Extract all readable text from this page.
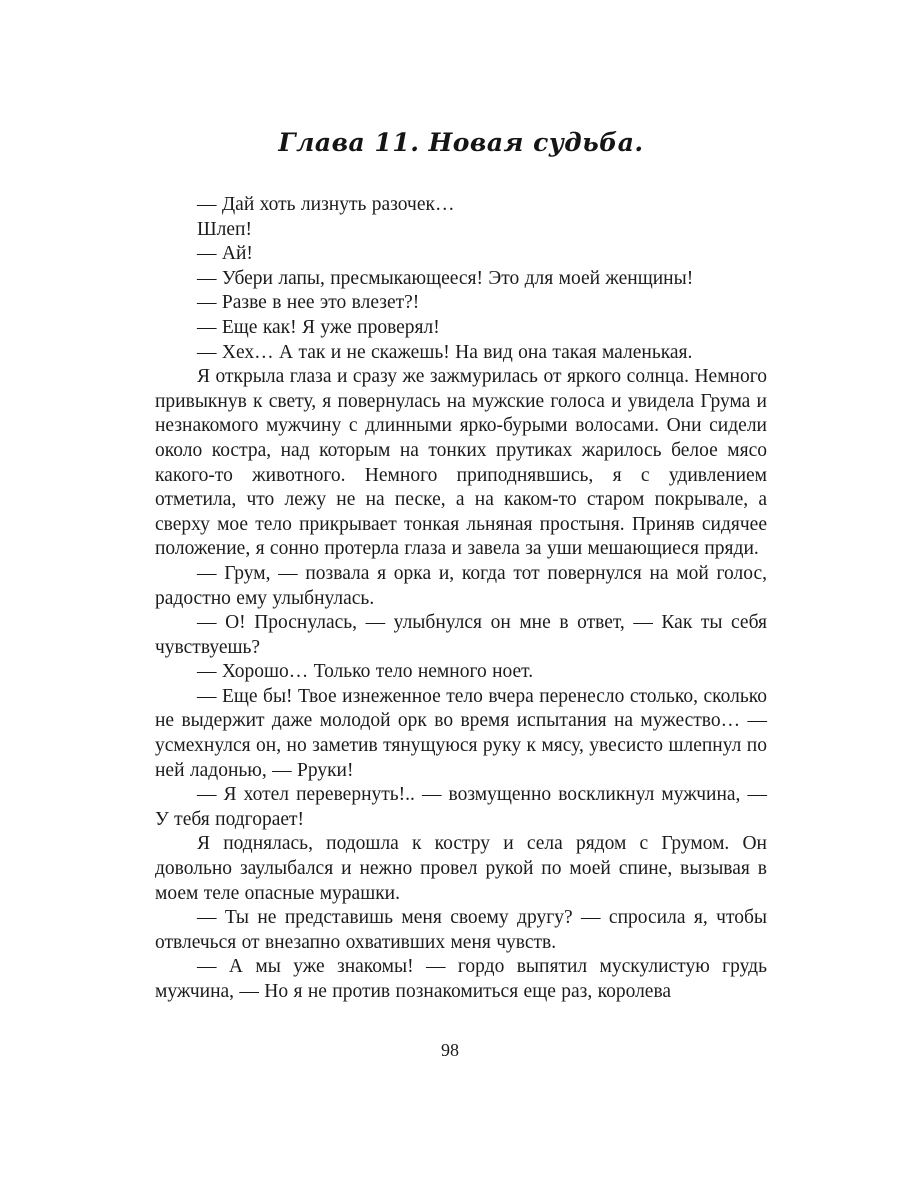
Глава 11. Новая судьба.

— Дай хоть лизнуть разочек…

Шлеп!

— Ай!

— Убери лапы, пресмыкающееся! Это для моей женщины!

— Разве в нее это влезет?!

— Еще как! Я уже проверял!

— Хех… А так и не скажешь! На вид она такая маленькая.

Я открыла глаза и сразу же зажмурилась от яркого солнца. Немного привыкнув к свету, я повернулась на мужские голоса и увидела Грума и незнакомого мужчину с длинными ярко-бурыми волосами. Они сидели около костра, над которым на тонких прутиках жарилось белое мясо какого-то животного. Немного приподнявшись, я с удивлением отметила, что лежу не на песке, а на каком-то старом покрывале, а сверху мое тело прикрывает тонкая льняная простыня. Приняв сидячее положение, я сонно протерла глаза и завела за уши мешающиеся пряди.

— Грум, — позвала я орка и, когда тот повернулся на мой голос, радостно ему улыбнулась.

— О! Проснулась, — улыбнулся он мне в ответ, — Как ты себя чувствуешь?

— Хорошо… Только тело немного ноет.

— Еще бы! Твое изнеженное тело вчера перенесло столько, сколько не выдержит даже молодой орк во время испытания на мужество… — усмехнулся он, но заметив тянущуюся руку к мясу, увесисто шлепнул по ней ладонью, — Рруки!

— Я хотел перевернуть!.. — возмущенно воскликнул мужчина, — У тебя подгорает!

Я поднялась, подошла к костру и села рядом с Грумом. Он довольно заулыбался и нежно провел рукой по моей спине, вызывая в моем теле опасные мурашки.

— Ты не представишь меня своему другу? — спросила я, чтобы отвлечься от внезапно охвативших меня чувств.

— А мы уже знакомы! — гордо выпятил мускулистую грудь мужчина, — Но я не против познакомиться еще раз, королева

98
